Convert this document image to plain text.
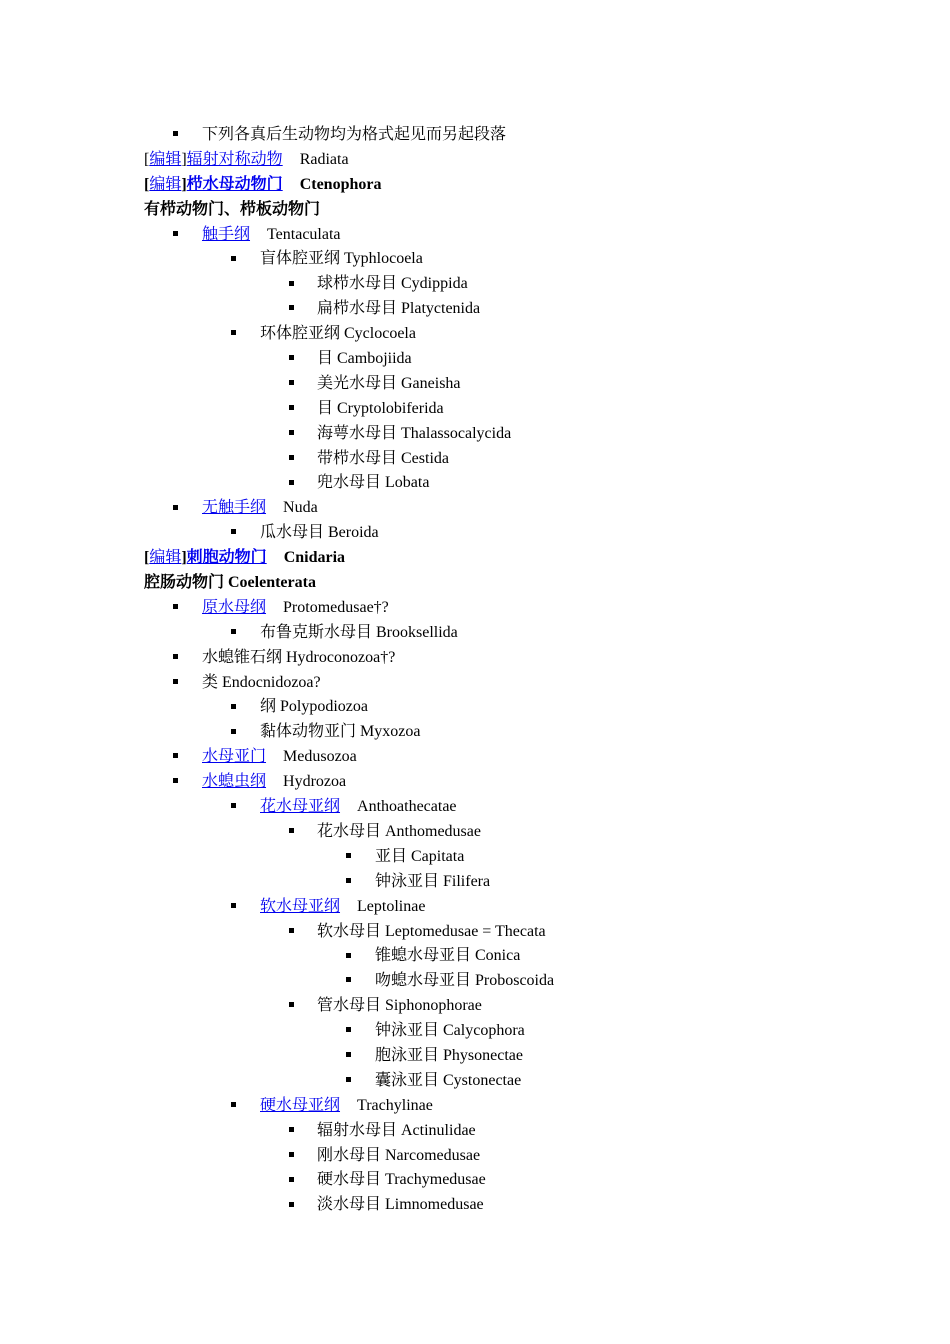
下列各真后生动物均为格式起见而另起段落
[编辑]辐射对称动物 Radiata
[编辑]栉水母动物门 Ctenophora
有栉动物门、栉板动物门
触手纲 Tentaculata
盲体腔亚纲 Typhlocoela
球栉水母目 Cydippida
扁栉水母目 Platyctenida
环体腔亚纲 Cyclocoela
目 Cambojiida
美光水母目 Ganeisha
目 Cryptolobiferida
海萼水母目 Thalassocalycida
带栉水母目 Cestida
兜水母目 Lobata
无触手纲 Nuda
瓜水母目 Beroida
[编辑]刺胞动物门 Cnidaria
腔肠动物门 Coelenterata
原水母纲 Protomedusae†?
布鲁克斯水母目 Brooksellida
水螅锥石纲 Hydroconozoa†?
类 Endocnidozoa?
纲 Polypodiozoa
黏体动物亚门 Myxozoa
水母亚门 Medusozoa
水螅虫纲 Hydrozoa
花水母亚纲 Anthoathecatae
花水母目 Anthomedusae
亚目 Capitata
钟泳亚目 Filifera
软水母亚纲 Leptolinae
软水母目 Leptomedusae = Thecata
锥螅水母亚目 Conica
吻螅水母亚目 Proboscoida
管水母目 Siphonophorae
钟泳亚目 Calycophora
胞泳亚目 Physonectae
囊泳亚目 Cystonectae
硬水母亚纲 Trachylinae
辐射水母目 Actinulidae
刚水母目 Narcomedusae
硬水母目 Trachymedusae
淡水母目 Limnomedusae
